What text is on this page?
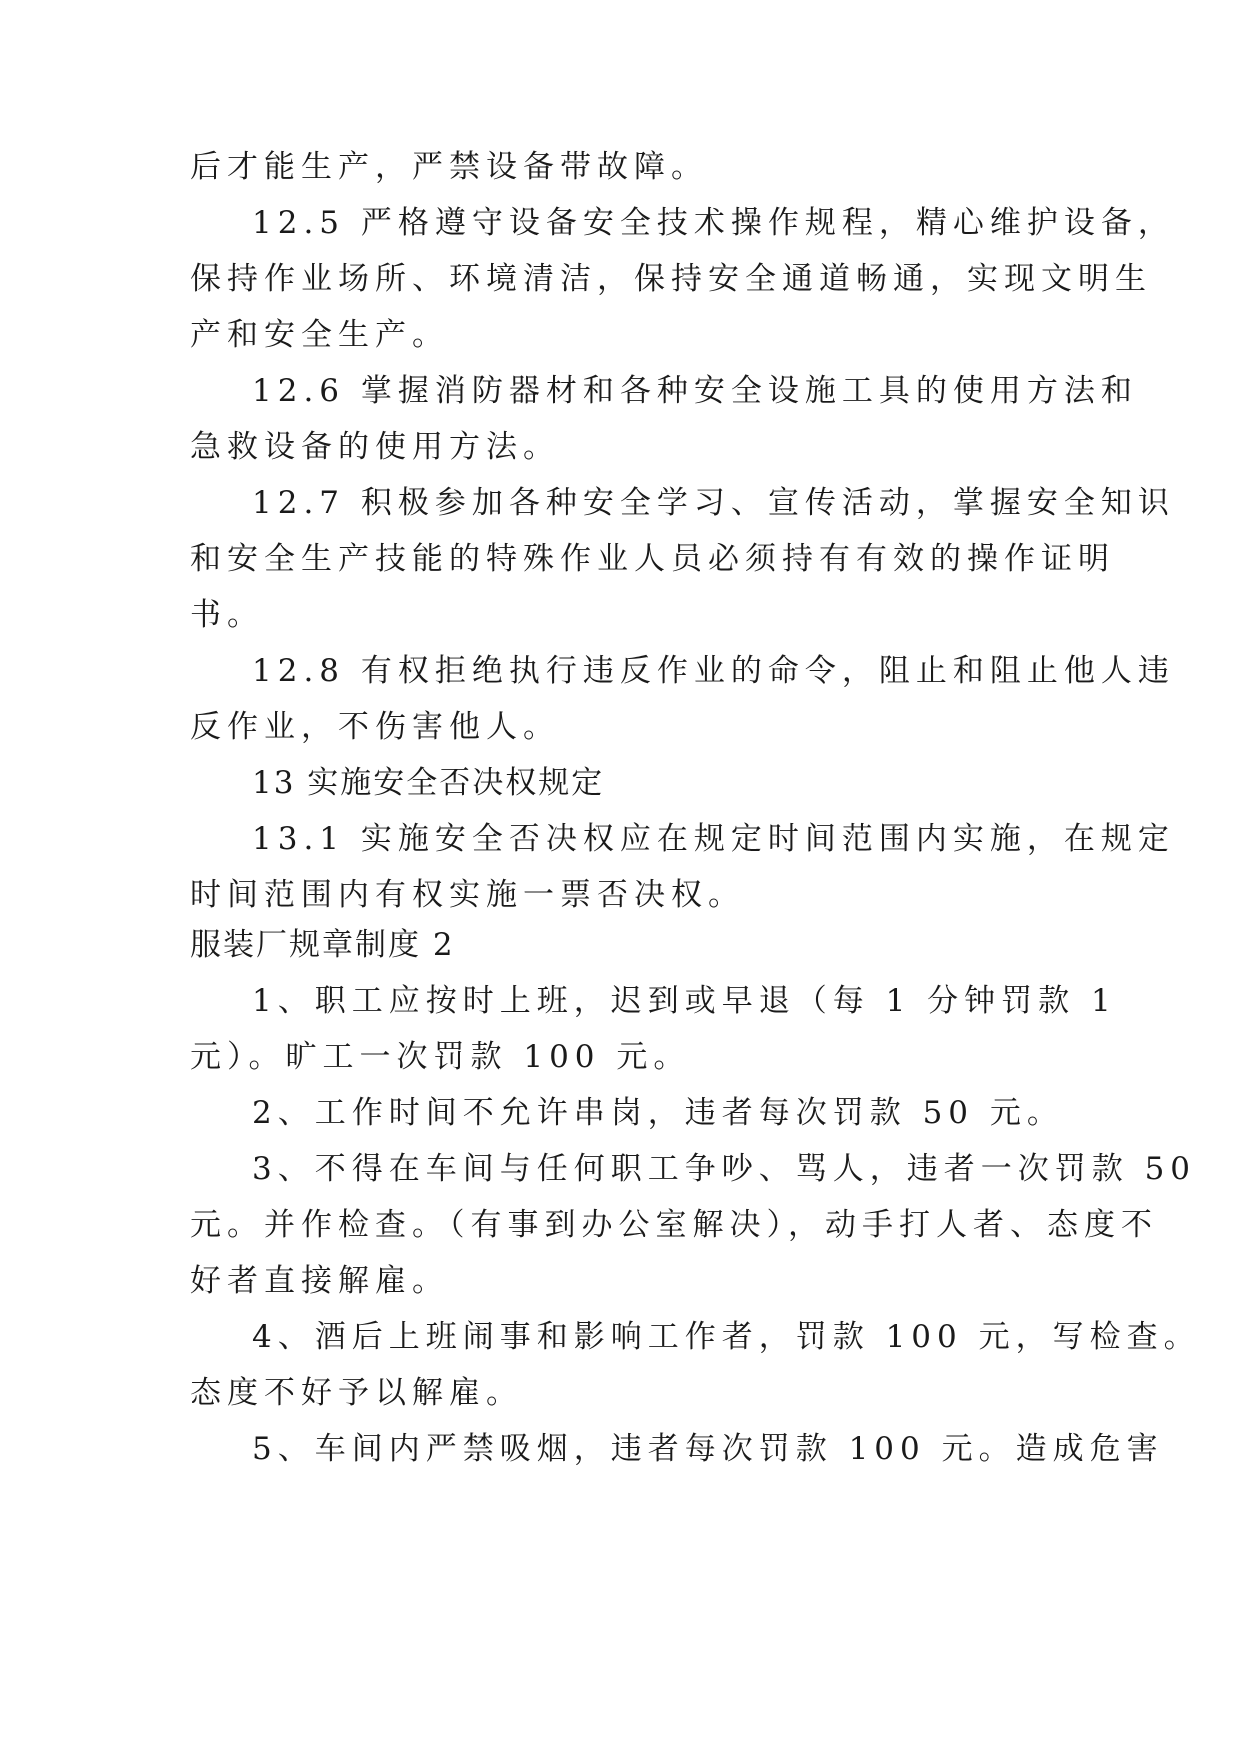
后才能生产，严禁设备带故障。
12.5 严格遵守设备安全技术操作规程，精心维护设备，
保持作业场所、环境清洁，保持安全通道畅通，实现文明生
产和安全生产。
12.6 掌握消防器材和各种安全设施工具的使用方法和
急救设备的使用方法。
12.7 积极参加各种安全学习、宣传活动，掌握安全知识
和安全生产技能的特殊作业人员必须持有有效的操作证明
书。
12.8 有权拒绝执行违反作业的命令，阻止和阻止他人违
反作业，不伤害他人。
13 实施安全否决权规定
13.1 实施安全否决权应在规定时间范围内实施，在规定
时间范围内有权实施一票否决权。
服装厂规章制度 2
1、职工应按时上班，迟到或早退（每 1 分钟罚款 1
元）。旷工一次罚款 100 元。
2、工作时间不允许串岗，违者每次罚款 50 元。
3、不得在车间与任何职工争吵、骂人，违者一次罚款 50
元。并作检查。（有事到办公室解决），动手打人者、态度不
好者直接解雇。
4、酒后上班闹事和影响工作者，罚款 100 元，写检查。
态度不好予以解雇。
5、车间内严禁吸烟，违者每次罚款 100 元。造成危害
